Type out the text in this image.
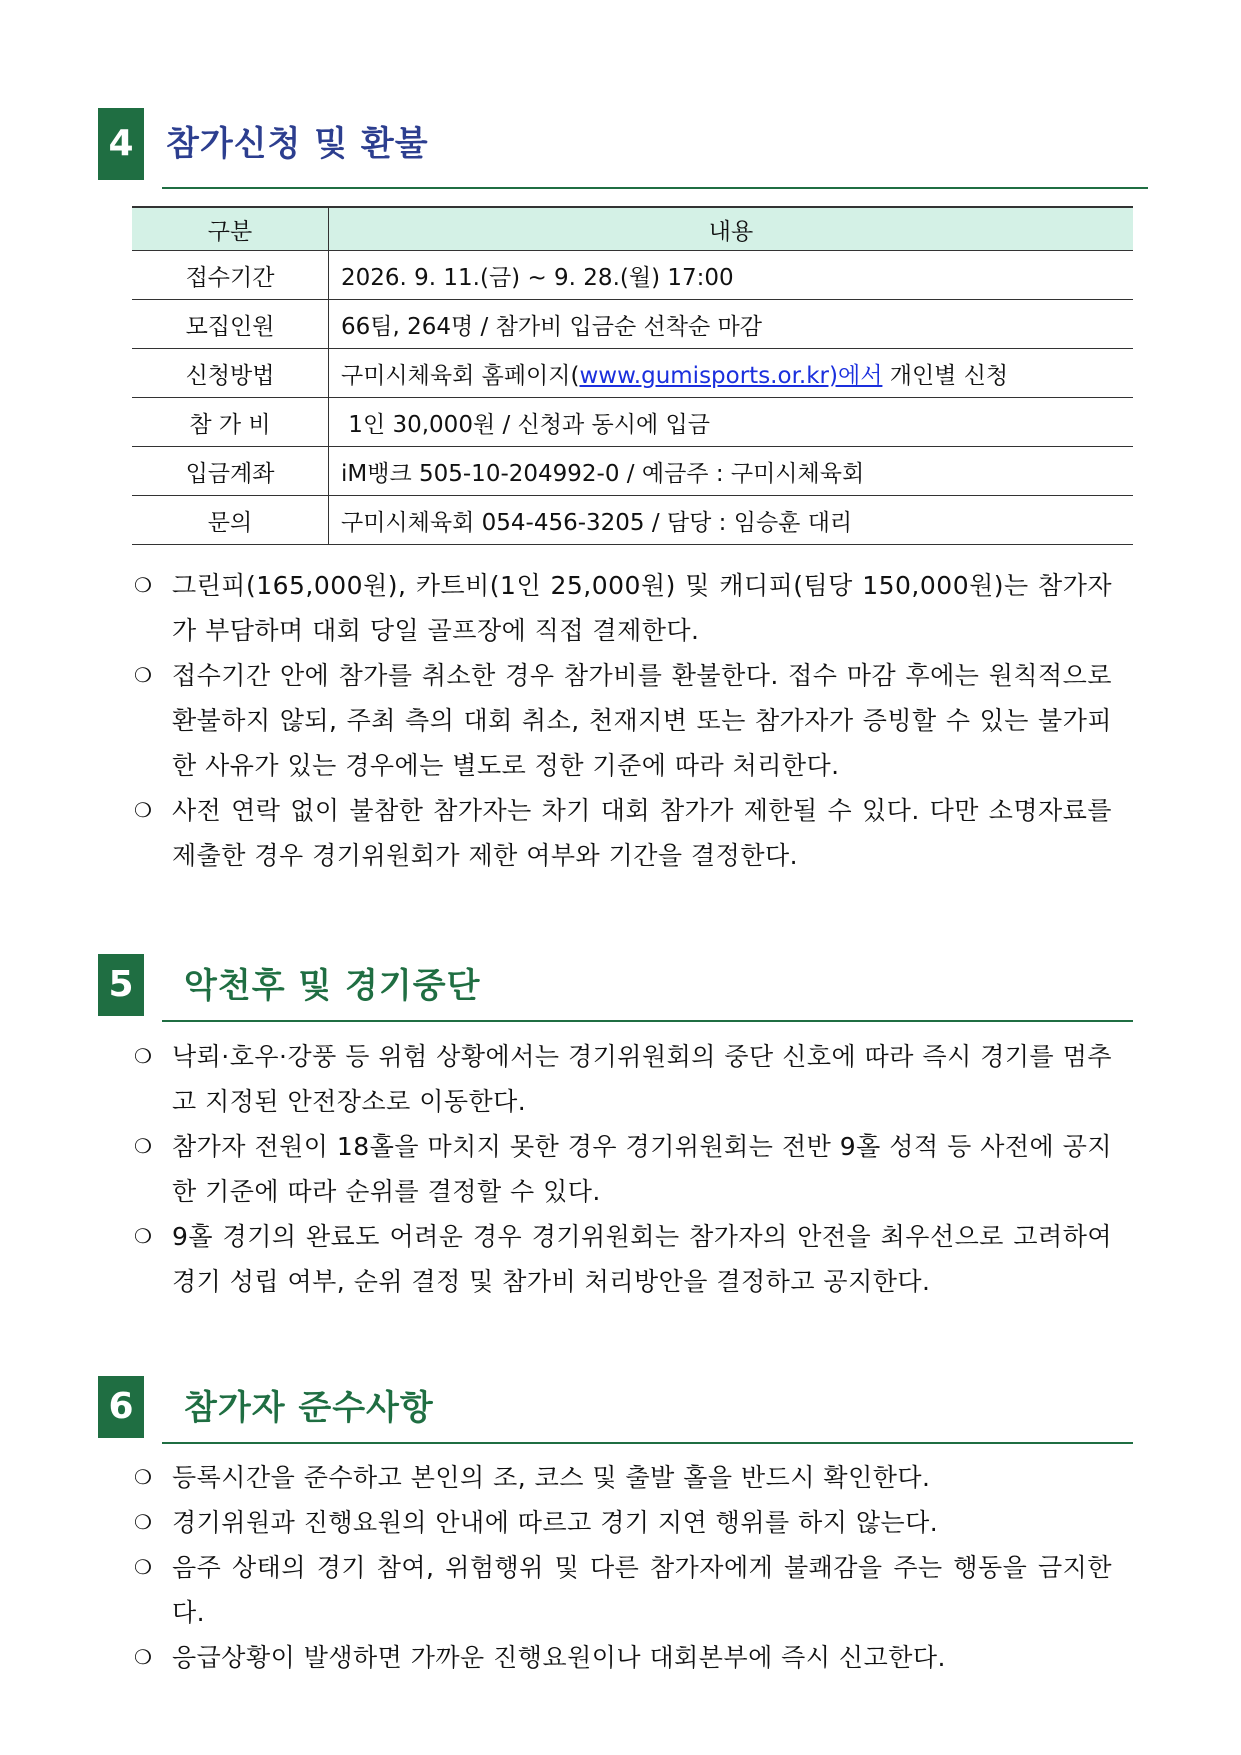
4 참가신청 및 환불
구분	내용
접수기간	2026. 9. 11.(금) ~ 9. 28.(월) 17:00
모집인원	66팀, 264명 / 참가비 입금순 선착순 마감
신청방법	구미시체육회 홈페이지(www.gumisports.or.kr)에서 개인별 신청
참 가 비	1인 30,000원 / 신청과 동시에 입금
입금계좌	iM뱅크 505-10-204992-0 / 예금주 : 구미시체육회
문의	구미시체육회 054-456-3205 / 담당 : 임승훈 대리
❍ 그린피(165,000원), 카트비(1인 25,000원) 및 캐디피(팀당 150,000원)는 참가자가 부담하며 대회 당일 골프장에 직접 결제한다.
❍ 접수기간 안에 참가를 취소한 경우 참가비를 환불한다. 접수 마감 후에는 원칙적으로 환불하지 않되, 주최 측의 대회 취소, 천재지변 또는 참가자가 증빙할 수 있는 불가피한 사유가 있는 경우에는 별도로 정한 기준에 따라 처리한다.
❍ 사전 연락 없이 불참한 참가자는 차기 대회 참가가 제한될 수 있다. 다만 소명자료를 제출한 경우 경기위원회가 제한 여부와 기간을 결정한다.
5	악천후 및 경기중단
❍ 낙뢰·호우·강풍 등 위험 상황에서는 경기위원회의 중단 신호에 따라 즉시 경기를 멈추고 지정된 안전장소로 이동한다.
❍ 참가자 전원이 18홀을 마치지 못한 경우 경기위원회는 전반 9홀 성적 등 사전에 공지한 기준에 따라 순위를 결정할 수 있다.
❍ 9홀 경기의 완료도 어려운 경우 경기위원회는 참가자의 안전을 최우선으로 고려하여 경기 성립 여부, 순위 결정 및 참가비 처리방안을 결정하고 공지한다.
6	참가자 준수사항
❍ 등록시간을 준수하고 본인의 조, 코스 및 출발 홀을 반드시 확인한다.
❍ 경기위원과 진행요원의 안내에 따르고 경기 지연 행위를 하지 않는다.
❍ 음주 상태의 경기 참여, 위험행위 및 다른 참가자에게 불쾌감을 주는 행동을 금지한다.
❍ 응급상황이 발생하면 가까운 진행요원이나 대회본부에 즉시 신고한다.
